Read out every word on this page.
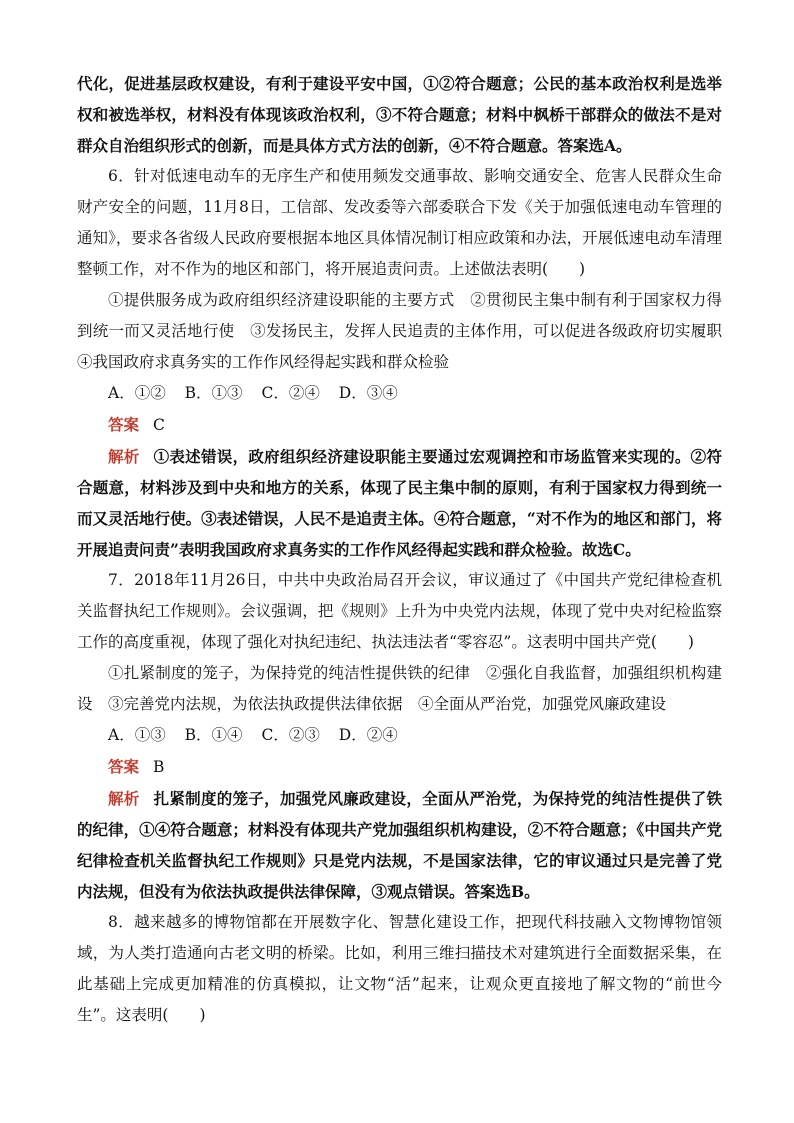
代化，促进基层政权建设，有利于建设平安中国，①②符合题意；公民的基本政治权利是选举权和被选举权，材料没有体现该政治权利，③不符合题意；材料中枫桥干部群众的做法不是对群众自治组织形式的创新，而是具体方式方法的创新，④不符合题意。答案选A。

6．针对低速电动车的无序生产和使用频发交通事故、影响交通安全、危害人民群众生命财产安全的问题，11月8日，工信部、发改委等六部委联合下发《关于加强低速电动车管理的通知》，要求各省级人民政府要根据本地区具体情况制订相应政策和办法，开展低速电动车清理整顿工作，对不作为的地区和部门，将开展追责问责。上述做法表明(　　)

①提供服务成为政府组织经济建设职能的主要方式　②贯彻民主集中制有利于国家权力得到统一而又灵活地行使　③发扬民主，发挥人民追责的主体作用，可以促进各级政府切实履职　④我国政府求真务实的工作作风经得起实践和群众检验

A．①② B．①③ C．②④ D．③④

答案 C

解析 ①表述错误，政府组织经济建设职能主要通过宏观调控和市场监管来实现的。②符合题意，材料涉及到中央和地方的关系，体现了民主集中制的原则，有利于国家权力得到统一而又灵活地行使。③表述错误，人民不是追责主体。④符合题意，“对不作为的地区和部门，将开展追责问责”表明我国政府求真务实的工作作风经得起实践和群众检验。故选C。

7．2018年11月26日，中共中央政治局召开会议，审议通过了《中国共产党纪律检查机关监督执纪工作规则》。会议强调，把《规则》上升为中央党内法规，体现了党中央对纪检监察工作的高度重视，体现了强化对执纪违纪、执法违法者“零容忍”。这表明中国共产党(　　)

①扎紧制度的笼子，为保持党的纯洁性提供铁的纪律　②强化自我监督，加强组织机构建设　③完善党内法规，为依法执政提供法律依据　④全面从严治党，加强党风廉政建设

A．①③ B．①④ C．②③ D．②④

答案 B

解析 扎紧制度的笼子，加强党风廉政建设，全面从严治党，为保持党的纯洁性提供了铁的纪律，①④符合题意；材料没有体现共产党加强组织机构建设，②不符合题意；《中国共产党纪律检查机关监督执纪工作规则》只是党内法规，不是国家法律，它的审议通过只是完善了党内法规，但没有为依法执政提供法律保障，③观点错误。答案选B。

8．越来越多的博物馆都在开展数字化、智慧化建设工作，把现代科技融入文物博物馆领域，为人类打造通向古老文明的桥梁。比如，利用三维扫描技术对建筑进行全面数据采集，在此基础上完成更加精准的仿真模拟，让文物“活”起来，让观众更直接地了解文物的“前世今生”。这表明(　　)
